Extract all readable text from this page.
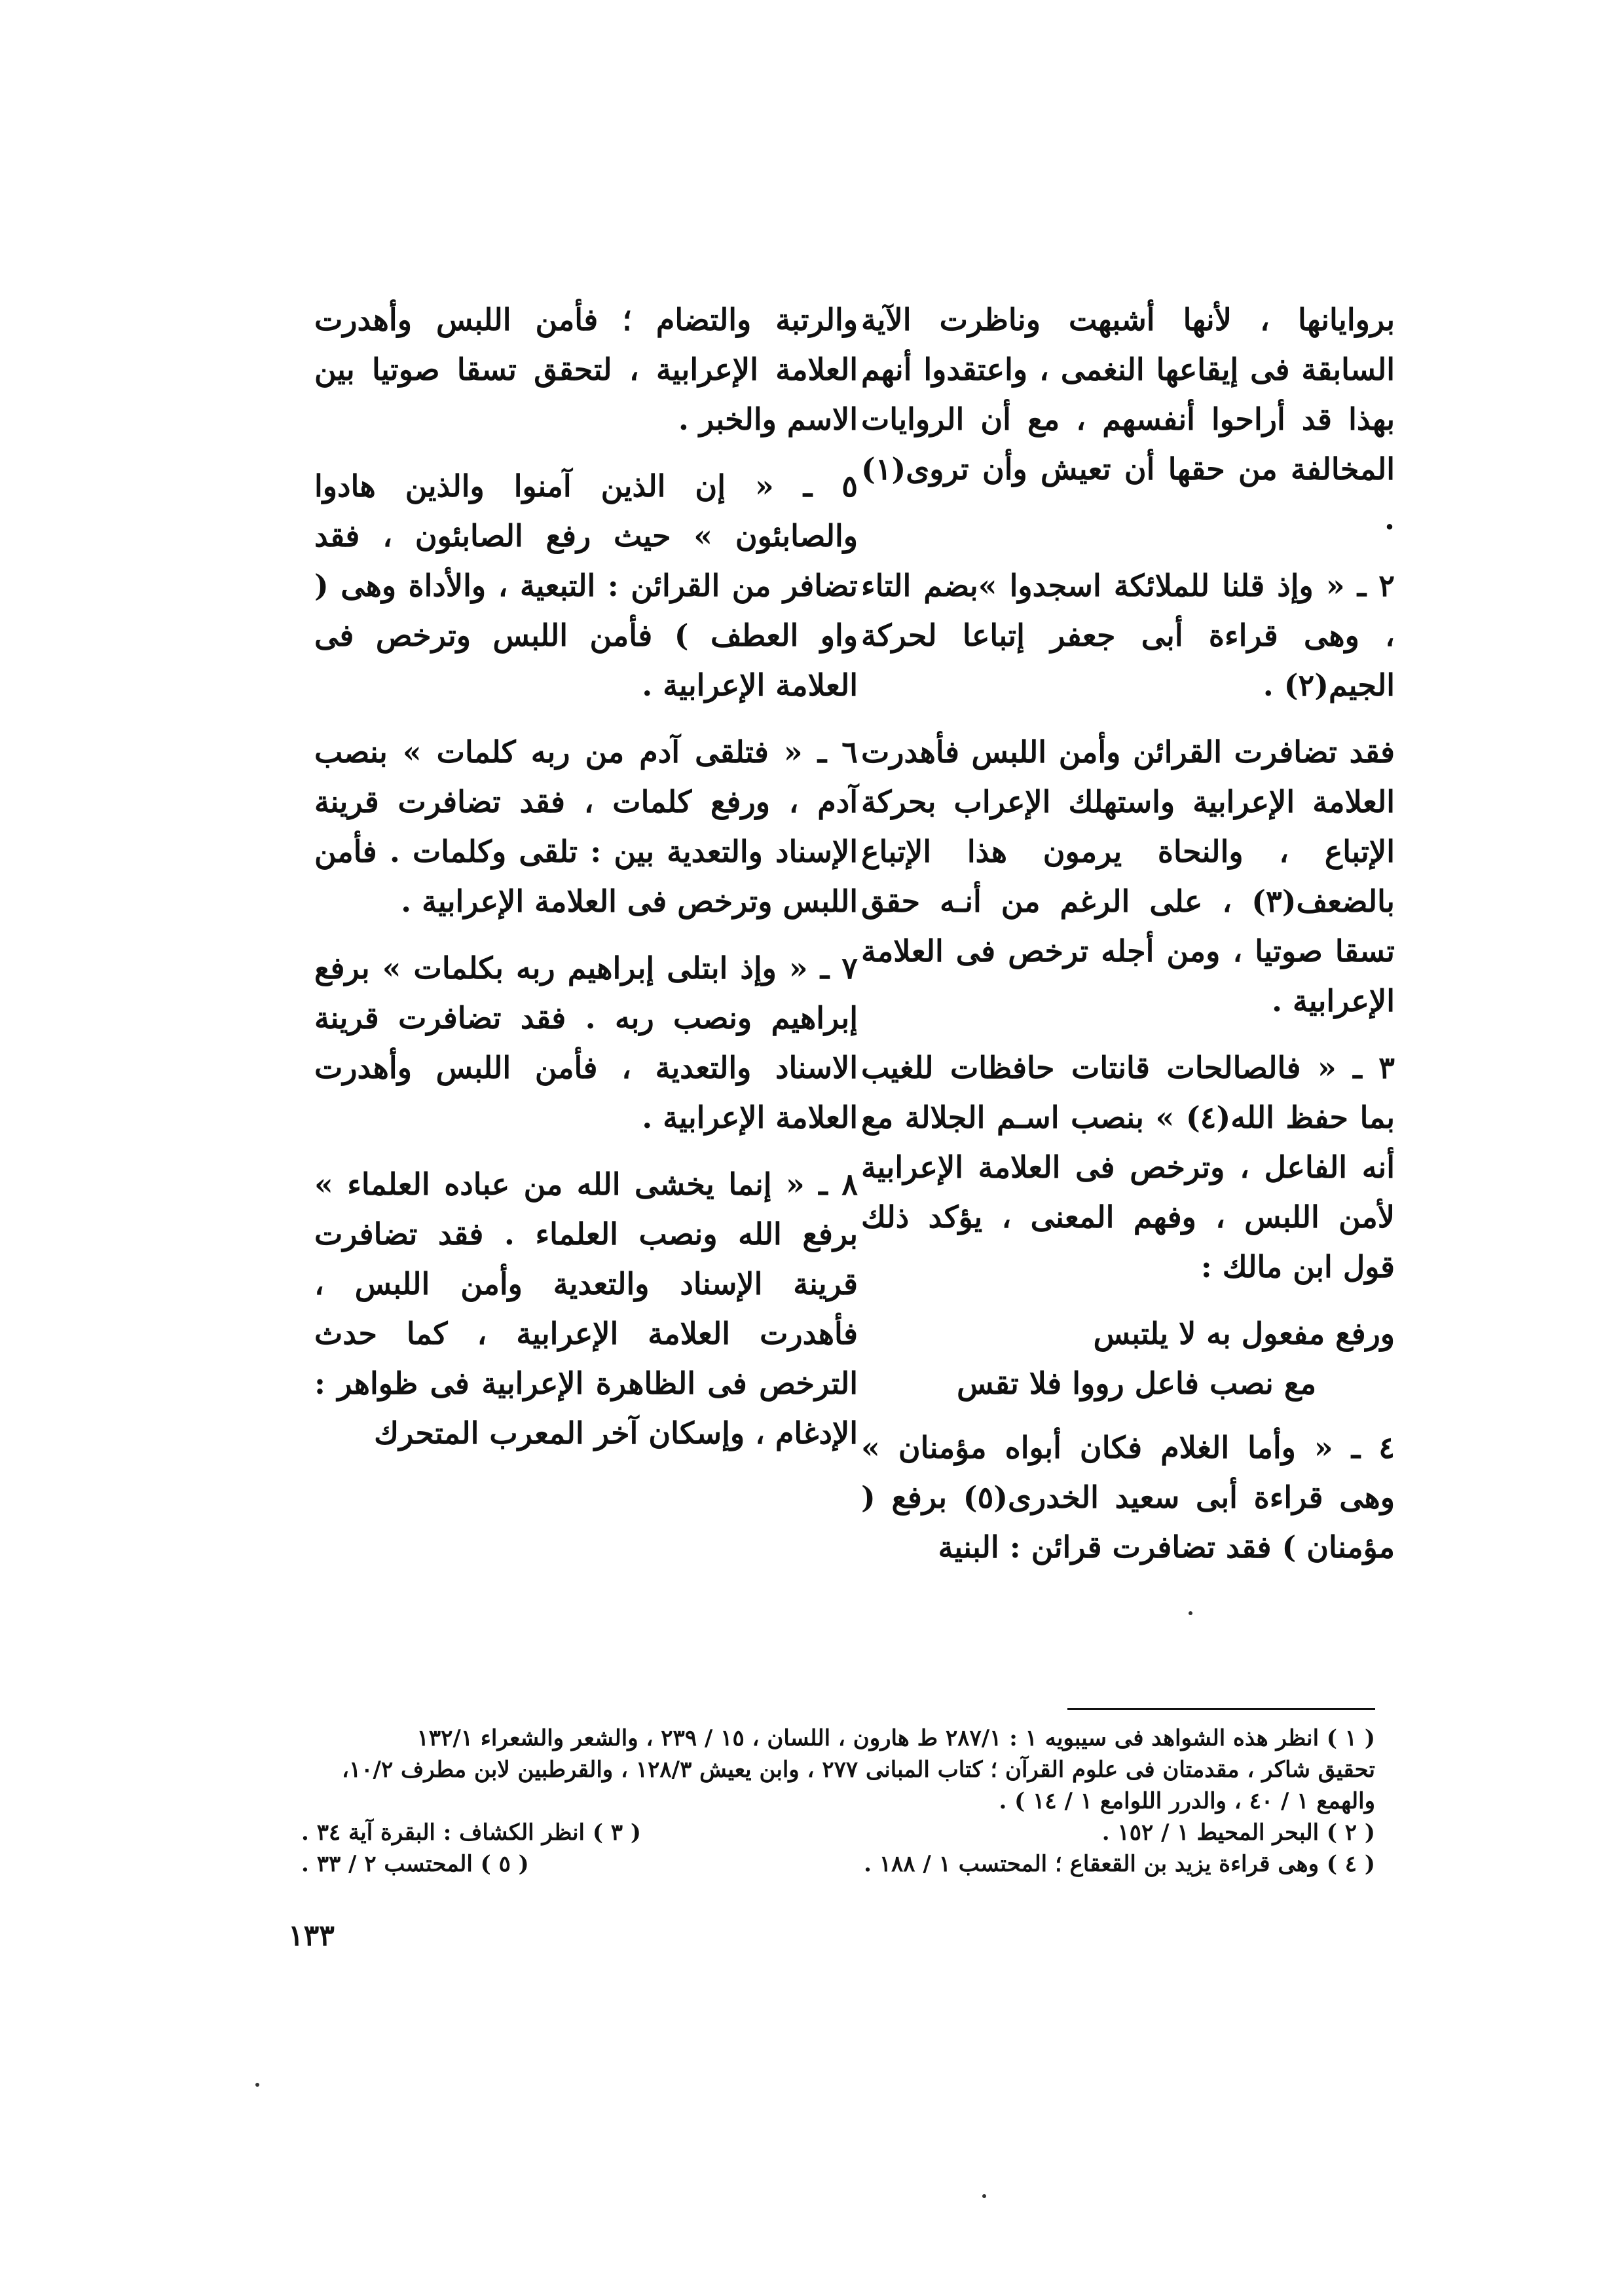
بروايانها ، لأنها أشبهت وناظرت الآية السابقة فى إيقاعها النغمى ، واعتقدوا أنهم بهذا قد أراحوا أنفسهم ، مع أن الروايات المخالفة من حقها أن تعيش وأن تروى(١) .

٢ ـ « وإذ قلنا للملائكة اسجدوا »بضم التاء ، وهى قراءة أبى جعفر إتباعا لحركة الجيم(٢) .

فقد تضافرت القرائن وأمن اللبس فأهدرت العلامة الإعرابية واستهلك الإعراب بحركة الإتباع ، والنحاة يرمون هذا الإتباع بالضعف(٣) ، على الرغم من أنـه حقق تسقا صوتيا ، ومن أجله ترخص فى العلامة الإعرابية .

٣ ـ « فالصالحات قانتات حافظات للغيب بما حفظ الله(٤) » بنصب اسـم الجلالة مع أنه الفاعل ، وترخص فى العلامة الإعرابية لأمن اللبس ، وفهم المعنى ، يؤكد ذلك قول ابن مالك :

ورفع مفعول به لا يلتبس
مع نصب فاعل رووا فلا تقس

٤ ـ « وأما الغلام فكان أبواه مؤمنان » وهى قراءة أبى سعيد الخدرى(٥) برفع ( مؤمنان ) فقد تضافرت قرائن : البنية

والرتبة والتضام ؛ فأمن اللبس وأهدرت العلامة الإعرابية ، لتحقق تسقا صوتيا بين الاسم والخبر .

٥ ـ « إن الذين آمنوا والذين هادوا والصابئون » حيث رفع الصابئون ، فقد تضافر من القرائن : التبعية ، والأداة وهى ( واو العطف ) فأمن اللبس وترخص فى العلامة الإعرابية .

٦ ـ « فتلقى آدم من ربه كلمات » بنصب آدم ، ورفع كلمات ، فقد تضافرت قرينة الإسناد والتعدية بين : تلقى وكلمات . فأمن اللبس وترخص فى العلامة الإعرابية .

٧ ـ « وإذ ابتلى إبراهيم ربه بكلمات » برفع إبراهيم ونصب ربه . فقد تضافرت قرينة الاسناد والتعدية ، فأمن اللبس وأهدرت العلامة الإعرابية .

٨ ـ « إنما يخشى الله من عباده العلماء » برفع الله ونصب العلماء . فقد تضافرت قرينة الإسناد والتعدية وأمن اللبس ، فأهدرت العلامة الإعرابية ، كما حدث الترخص فى الظاهرة الإعرابية فى ظواهر : الإدغام ، وإسكان آخر المعرب المتحرك

( ١ ) انظر هذه الشواهد فى سيبويه ١ : ٢٨٧/١ ط هارون ، اللسان ، ١٥ / ٢٣٩ ، والشعر والشعراء ١٣٢/١
تحقيق شاكر ، مقدمتان فى علوم القرآن ؛ كتاب المبانى ٢٧٧ ، وابن يعيش ١٢٨/٣ ، والقرطبين لابن مطرف ١٠/٢،
والهمع ١ / ٤٠ ، والدرر اللوامع ١ / ١٤ ) .
( ٢ ) البحر المحيط ١ / ١٥٢ .
( ٣ ) انظر الكشاف : البقرة آية ٣٤ .
( ٤ ) وهى قراءة يزيد بن القعقاع ؛ المحتسب ١ / ١٨٨ .
( ٥ ) المحتسب ٢ / ٣٣ .
١٣٣
